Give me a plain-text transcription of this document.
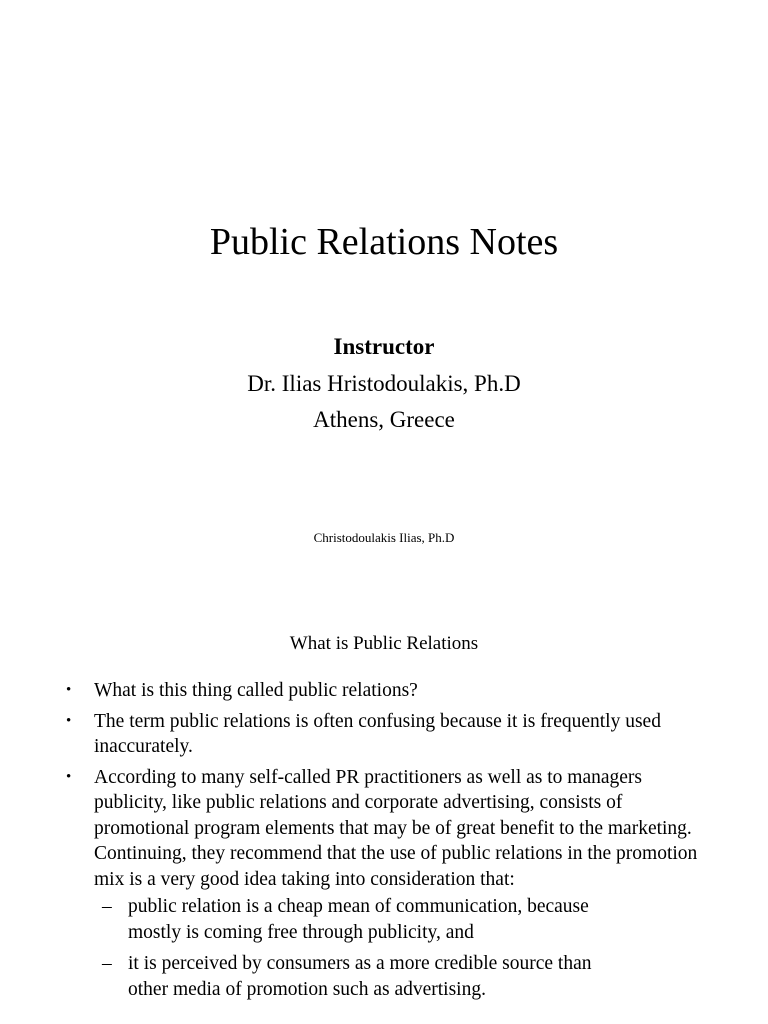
Public Relations Notes
Instructor
Dr. Ilias Hristodoulakis, Ph.D
Athens, Greece
Christodoulakis Ilias, Ph.D
What is Public Relations
• What is this thing called public relations?
• The term public relations is often confusing because it is frequently used inaccurately.
• According to many self-called PR practitioners as well as to managers publicity, like public relations and corporate advertising, consists of promotional program elements that may be of great benefit to the marketing. Continuing, they recommend that the use of public relations in the promotion mix is a very good idea taking into consideration that:
– public relation is a cheap mean of communication, because mostly is coming free through publicity, and
– it is perceived by consumers as a more credible source than other media of promotion such as advertising.
